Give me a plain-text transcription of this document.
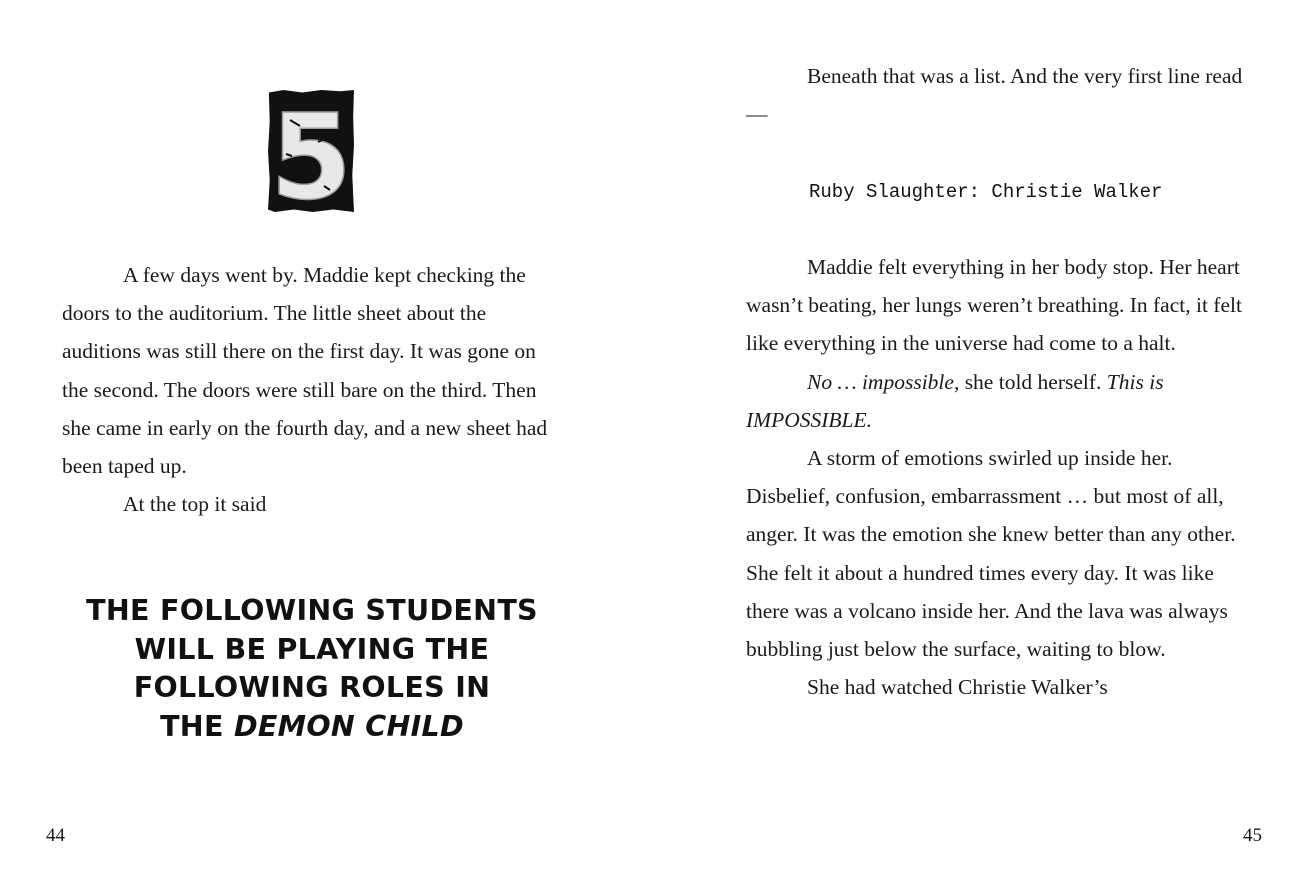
5

A few days went by. Maddie kept checking the doors to the auditorium. The little sheet about the auditions was still there on the first day. It was gone on the second. The doors were still bare on the third. Then she came in early on the fourth day, and a new sheet had been taped up.

At the top it said

THE FOLLOWING STUDENTS
WILL BE PLAYING THE
FOLLOWING ROLES IN
THE DEMON CHILD
44

Beneath that was a list. And the very first line read—

Ruby Slaughter: Christie Walker

Maddie felt everything in her body stop. Her heart wasn’t beating, her lungs weren’t breathing. In fact, it felt like everything in the universe had come to a halt.

No … impossible, she told herself. This is IMPOSSIBLE.

A storm of emotions swirled up inside her. Disbelief, confusion, embarrassment … but most of all, anger. It was the emotion she knew better than any other. She felt it about a hundred times every day. It was like there was a volcano inside her. And the lava was always bubbling just below the surface, waiting to blow.

She had watched Christie Walker’s

45
